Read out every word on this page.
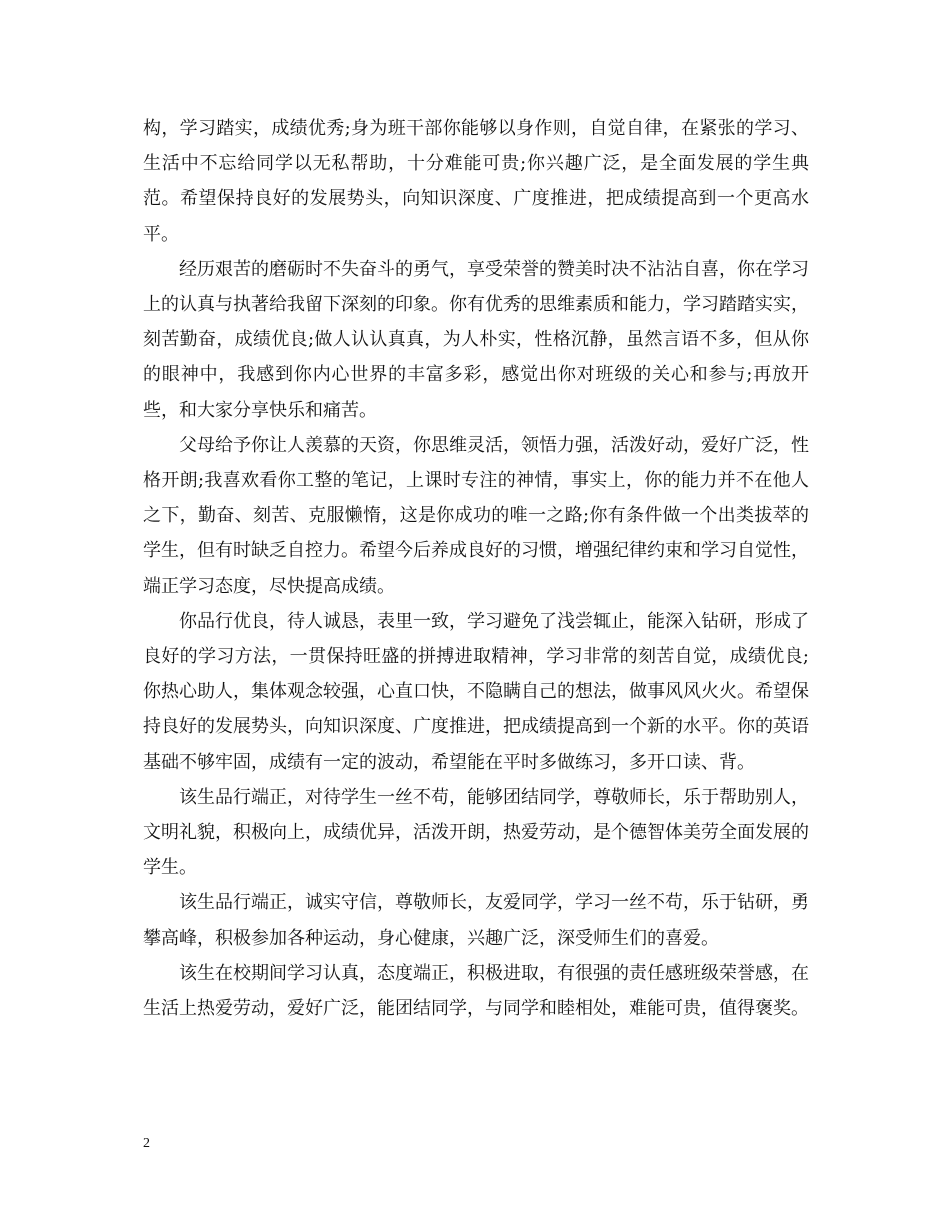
构，学习踏实，成绩优秀;身为班干部你能够以身作则，自觉自律，在紧张的学习、生活中不忘给同学以无私帮助，十分难能可贵;你兴趣广泛，是全面发展的学生典范。希望保持良好的发展势头，向知识深度、广度推进，把成绩提高到一个更高水平。

经历艰苦的磨砺时不失奋斗的勇气，享受荣誉的赞美时决不沾沾自喜，你在学习上的认真与执著给我留下深刻的印象。你有优秀的思维素质和能力，学习踏踏实实，刻苦勤奋，成绩优良;做人认认真真，为人朴实，性格沉静，虽然言语不多，但从你的眼神中，我感到你内心世界的丰富多彩，感觉出你对班级的关心和参与;再放开些，和大家分享快乐和痛苦。

父母给予你让人羡慕的天资，你思维灵活，领悟力强，活泼好动，爱好广泛，性格开朗;我喜欢看你工整的笔记，上课时专注的神情，事实上，你的能力并不在他人之下，勤奋、刻苦、克服懒惰，这是你成功的唯一之路;你有条件做一个出类拔萃的学生，但有时缺乏自控力。希望今后养成良好的习惯，增强纪律约束和学习自觉性，端正学习态度，尽快提高成绩。

你品行优良，待人诚恳，表里一致，学习避免了浅尝辄止，能深入钻研，形成了良好的学习方法，一贯保持旺盛的拼搏进取精神，学习非常的刻苦自觉，成绩优良;你热心助人，集体观念较强，心直口快，不隐瞒自己的想法，做事风风火火。希望保持良好的发展势头，向知识深度、广度推进，把成绩提高到一个新的水平。你的英语基础不够牢固，成绩有一定的波动，希望能在平时多做练习，多开口读、背。

该生品行端正，对待学生一丝不苟，能够团结同学，尊敬师长，乐于帮助别人，文明礼貌，积极向上，成绩优异，活泼开朗，热爱劳动，是个德智体美劳全面发展的学生。

该生品行端正，诚实守信，尊敬师长，友爱同学，学习一丝不苟，乐于钻研，勇攀高峰，积极参加各种运动，身心健康，兴趣广泛，深受师生们的喜爱。

该生在校期间学习认真，态度端正，积极进取，有很强的责任感班级荣誉感，在生活上热爱劳动，爱好广泛，能团结同学，与同学和睦相处，难能可贵，值得褒奖。

2
